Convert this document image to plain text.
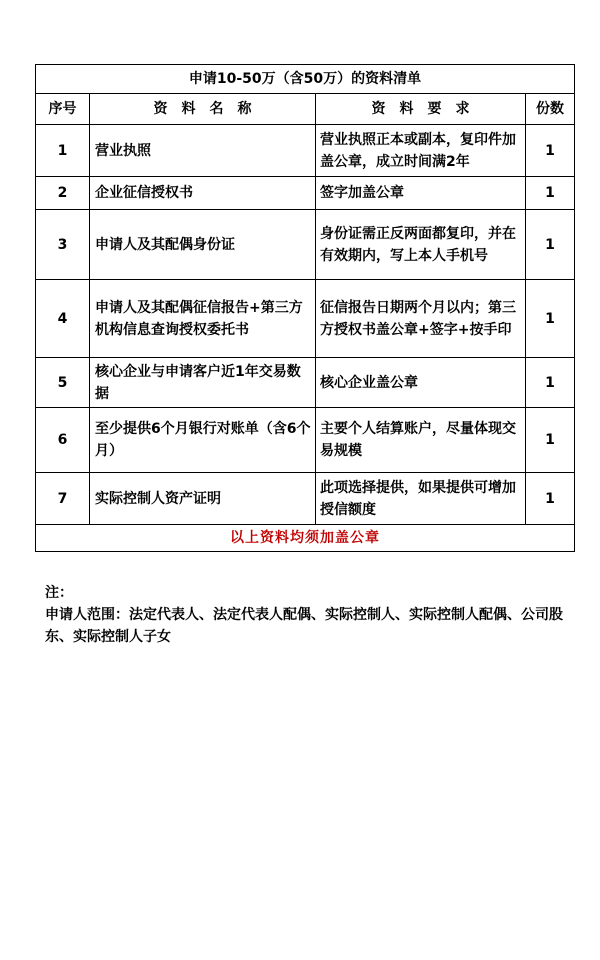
申请10-50万（含50万）的资料清单			
序号	资　料　名　称	资　料　要　求	份数
1	营业执照	营业执照正本或副本，复印件加盖公章，成立时间满2年	1
2	企业征信授权书	签字加盖公章	1
3	申请人及其配偶身份证	身份证需正反两面都复印，并在有效期内，写上本人手机号	1
4	申请人及其配偶征信报告+第三方机构信息查询授权委托书	征信报告日期两个月以内；第三方授权书盖公章+签字+按手印	1
5	核心企业与申请客户近1年交易数据	核心企业盖公章	1
6	至少提供6个月银行对账单（含6个月）	主要个人结算账户，尽量体现交易规模	1
7	实际控制人资产证明	此项选择提供，如果提供可增加授信额度	1
以上资料均须加盖公章			

注：

申请人范围：法定代表人、法定代表人配偶、实际控制人、实际控制人配偶、公司股东、实际控制人子女
